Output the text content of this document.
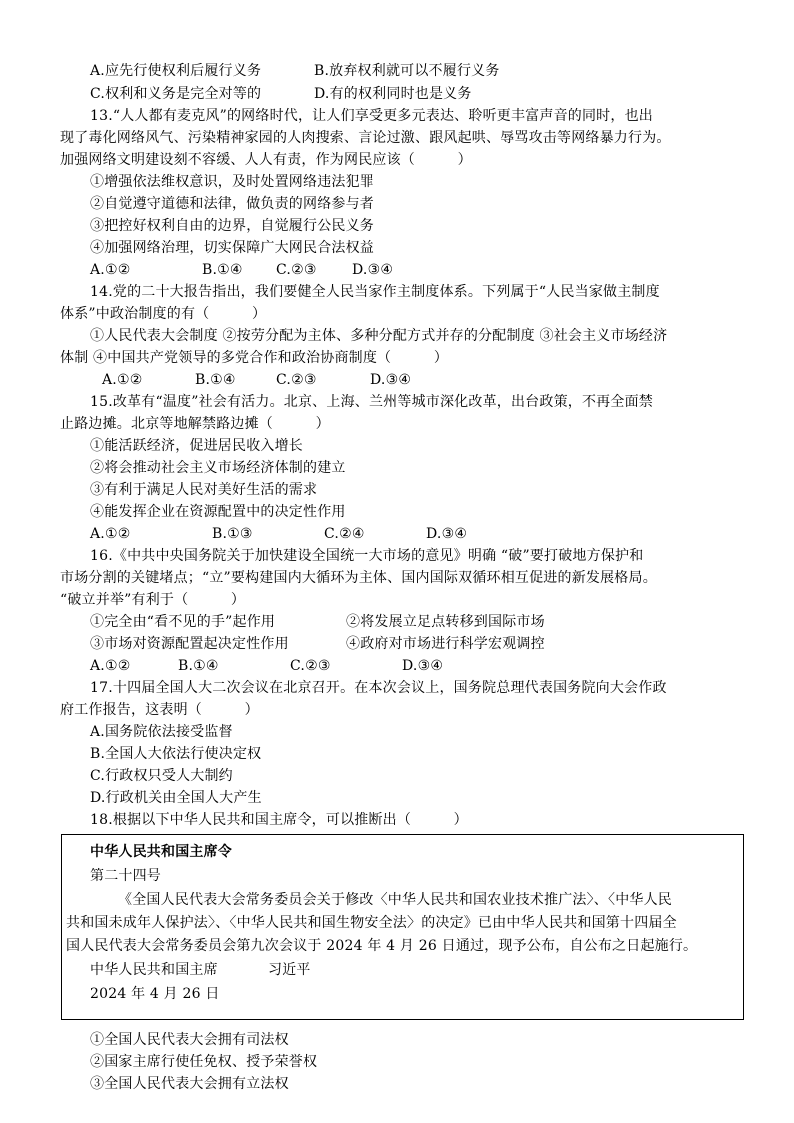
A.应先行使权利后履行义务	B.放弃权利就可以不履行义务
C.权利和义务是完全对等的	D.有的权利同时也是义务
13.“人人都有麦克风”的网络时代，让人们享受更多元表达、聆听更丰富声音的同时，也出
现了毒化网络风气、污染精神家园的人肉搜索、言论过激、跟风起哄、辱骂攻击等网络暴力行为。
加强网络文明建设刻不容缓、人人有责，作为网民应该（　　　）
①增强依法维权意识，及时处置网络违法犯罪
②自觉遵守道德和法律，做负责的网络参与者
③把控好权利自由的边界，自觉履行公民义务
④加强网络治理，切实保障广大网民合法权益
A.①②	B.①④ C.②③	D.③④
14.党的二十大报告指出，我们要健全人民当家作主制度体系。下列属于“人民当家做主制度
体系”中政治制度的有（　　　）
①人民代表大会制度 ②按劳分配为主体、多种分配方式并存的分配制度 ③社会主义市场经济
体制 ④中国共产党领导的多党合作和政治协商制度（　　　）
A.①②	B.①④	C.②③	D.③④
15.改革有“温度”社会有活力。北京、上海、兰州等城市深化改革，出台政策，不再全面禁
止路边摊。北京等地解禁路边摊（　　　）
①能活跃经济，促进居民收入增长
②将会推动社会主义市场经济体制的建立
③有利于满足人民对美好生活的需求
④能发挥企业在资源配置中的决定性作用
A.①②	B.①③	C.②④	D.③④
16.《中共中央国务院关于加快建设全国统一大市场的意见》明确 “破”要打破地方保护和
市场分割的关键堵点；“立”要构建国内大循环为主体、国内国际双循环相互促进的新发展格局。
“破立并举”有利于（　　　）
①完全由“看不见的手”起作用	②将发展立足点转移到国际市场
③市场对资源配置起决定性作用	④政府对市场进行科学宏观调控
A.①②	B.①④	C.②③	D.③④
17.十四届全国人大二次会议在北京召开。在本次会议上，国务院总理代表国务院向大会作政
府工作报告，这表明（　　　）
A.国务院依法接受监督
B.全国人大依法行使决定权
C.行政权只受人大制约
D.行政机关由全国人大产生
18.根据以下中华人民共和国主席令，可以推断出（　　　）
中华人民共和国主席令
第二十四号
《全国人民代表大会常务委员会关于修改〈中华人民共和国农业技术推广法〉、〈中华人民
共和国未成年人保护法〉、〈中华人民共和国生物安全法〉的决定》已由中华人民共和国第十四届全
国人民代表大会常务委员会第九次会议于 2024 年 4 月 26 日通过，现予公布，自公布之日起施行。
中华人民共和国主席	习近平
2024 年 4 月 26 日
①全国人民代表大会拥有司法权
②国家主席行使任免权、授予荣誉权
③全国人民代表大会拥有立法权
